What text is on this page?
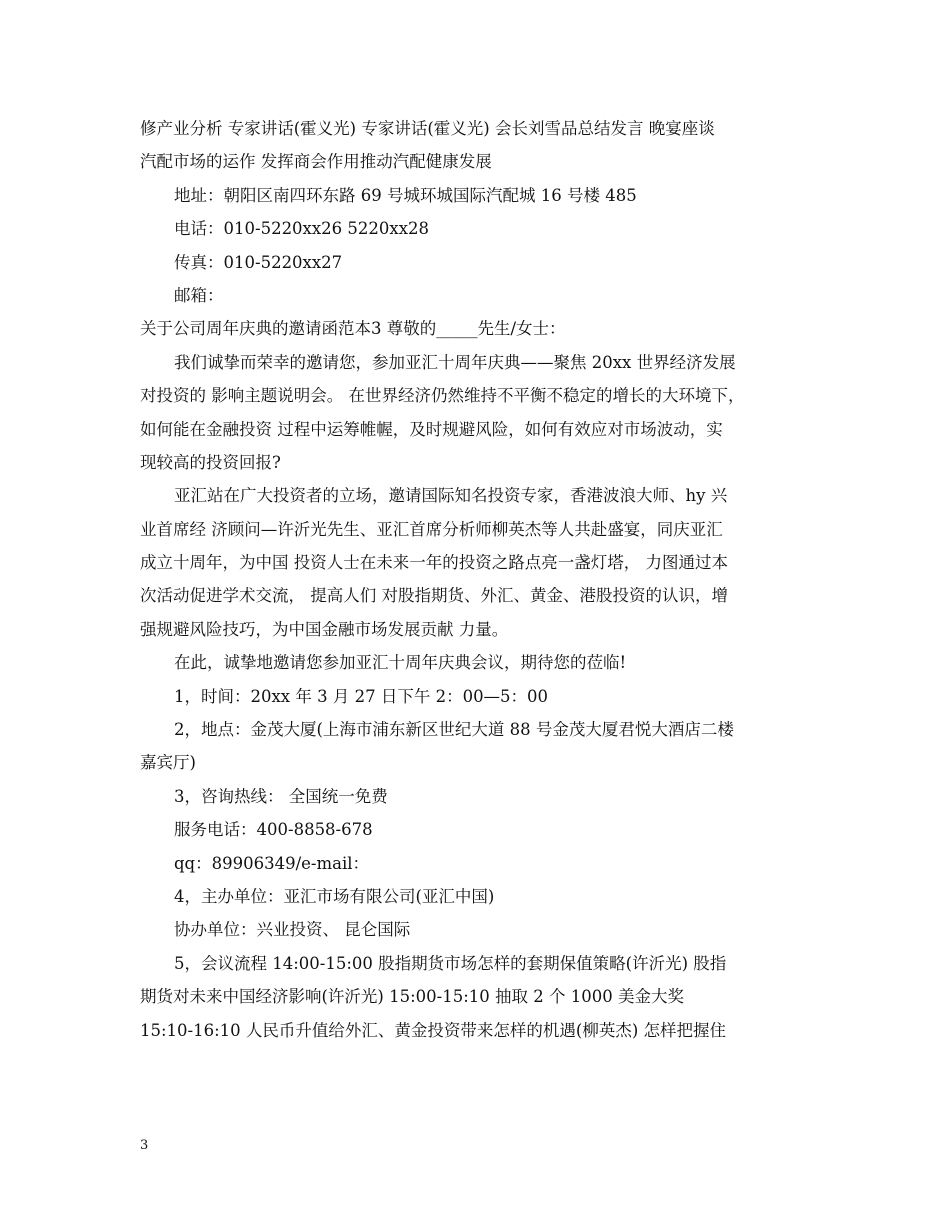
修产业分析 专家讲话(霍义光) 专家讲话(霍义光) 会长刘雪品总结发言 晚宴座谈
汽配市场的运作 发挥商会作用推动汽配健康发展
地址：朝阳区南四环东路 69 号城环城国际汽配城 16 号楼 485
电话：010-5220xx26 5220xx28
传真：010-5220xx27
邮箱：
关于公司周年庆典的邀请函范本3 尊敬的_____先生/女士：
我们诚挚而荣幸的邀请您，参加亚汇十周年庆典——聚焦 20xx 世界经济发展
对投资的 影响主题说明会。 在世界经济仍然维持不平衡不稳定的增长的大环境下，
如何能在金融投资 过程中运筹帷幄，及时规避风险，如何有效应对市场波动，实
现较高的投资回报?
亚汇站在广大投资者的立场，邀请国际知名投资专家，香港波浪大师、hy 兴
业首席经 济顾问—许沂光先生、亚汇首席分析师柳英杰等人共赴盛宴，同庆亚汇
成立十周年，为中国 投资人士在未来一年的投资之路点亮一盏灯塔， 力图通过本
次活动促进学术交流， 提高人们 对股指期货、外汇、黄金、港股投资的认识，增
强规避风险技巧，为中国金融市场发展贡献 力量。
在此，诚挚地邀请您参加亚汇十周年庆典会议，期待您的莅临!
1，时间：20xx 年 3 月 27 日下午 2：00—5：00
2，地点：金茂大厦(上海市浦东新区世纪大道 88 号金茂大厦君悦大酒店二楼
嘉宾厅)
3，咨询热线： 全国统一免费
服务电话：400-8858-678
qq：89906349/e-mail：
4，主办单位：亚汇市场有限公司(亚汇中国)
协办单位：兴业投资、 昆仑国际
5，会议流程 14:00-15:00 股指期货市场怎样的套期保值策略(许沂光) 股指
期货对未来中国经济影响(许沂光) 15:00-15:10 抽取 2 个 1000 美金大奖
15:10-16:10 人民币升值给外汇、黄金投资带来怎样的机遇(柳英杰) 怎样把握住
3
